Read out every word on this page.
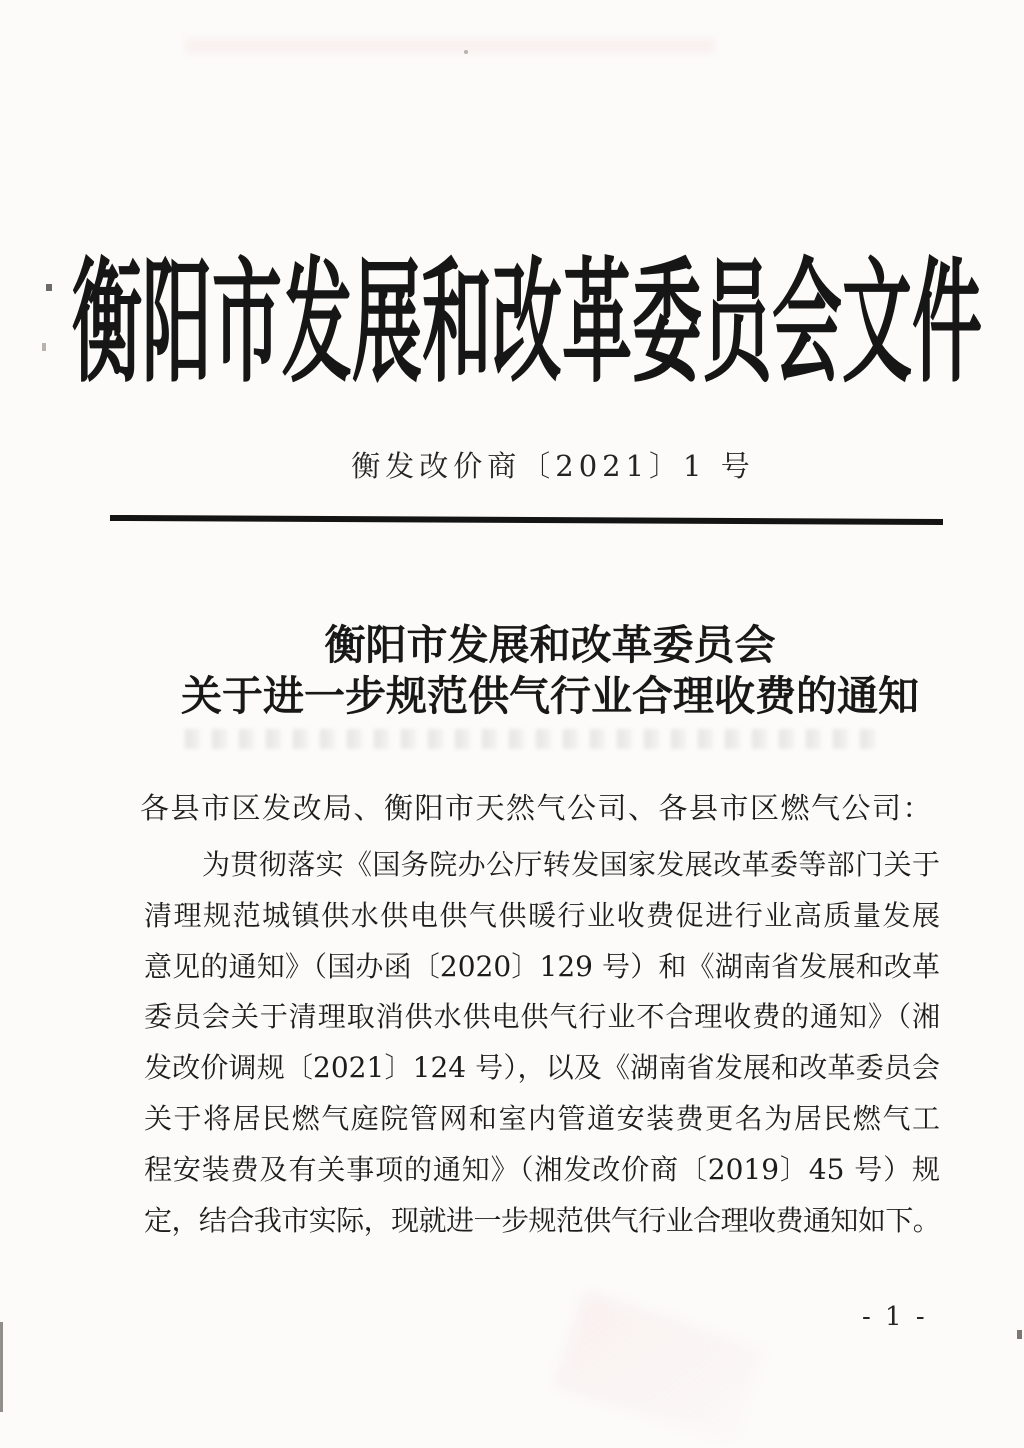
衡阳市发展和改革委员会文件
衡发改价商〔2021〕1 号
衡阳市发展和改革委员会
关于进一步规范供气行业合理收费的通知
各县市区发改局、衡阳市天然气公司、各县市区燃气公司：
为贯彻落实《国务院办公厅转发国家发展改革委等部门关于
清理规范城镇供水供电供气供暖行业收费促进行业高质量发展
意见的通知》（国办函〔2020〕129 号）和《湖南省发展和改革
委员会关于清理取消供水供电供气行业不合理收费的通知》（湘
发改价调规〔2021〕124 号），以及《湖南省发展和改革委员会
关于将居民燃气庭院管网和室内管道安装费更名为居民燃气工
程安装费及有关事项的通知》（湘发改价商〔2019〕45 号）规
定，结合我市实际，现就进一步规范供气行业合理收费通知如下。
- 1 -
